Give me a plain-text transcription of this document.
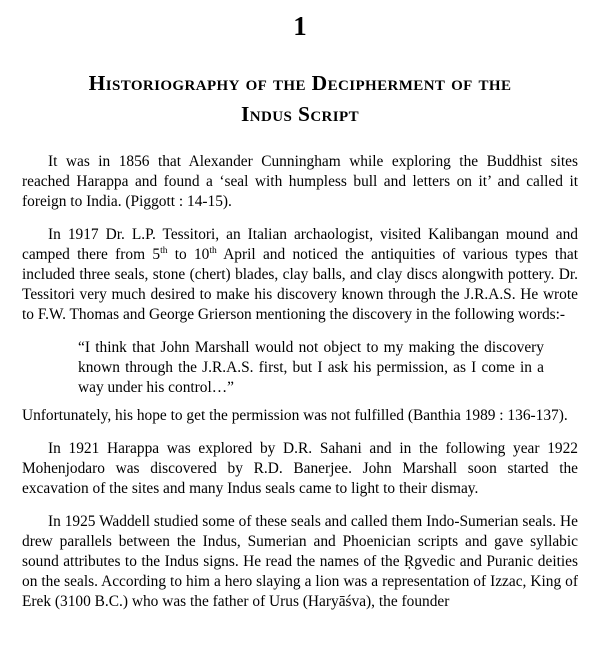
1
Historiography of the Decipherment of the
Indus Script

It was in 1856 that Alexander Cunningham while exploring the Buddhist sites reached Harappa and found a ‘seal with humpless bull and letters on it’ and called it foreign to India. (Piggott : 14-15).

In 1917 Dr. L.P. Tessitori, an Italian archaologist, visited Kalibangan mound and camped there from 5th to 10th April and noticed the antiquities of various types that included three seals, stone (chert) blades, clay balls, and clay discs alongwith pottery. Dr. Tessitori very much desired to make his discovery known through the J.R.A.S. He wrote to F.W. Thomas and George Grierson mentioning the discovery in the following words:-

“I think that John Marshall would not object to my making the discovery known through the J.R.A.S. first, but I ask his permission, as I come in a way under his control…”

Unfortunately, his hope to get the permission was not fulfilled (Banthia 1989 : 136-137).

In 1921 Harappa was explored by D.R. Sahani and in the following year 1922 Mohenjodaro was discovered by R.D. Banerjee. John Marshall soon started the excavation of the sites and many Indus seals came to light to their dismay.

In 1925 Waddell studied some of these seals and called them Indo-Sumerian seals. He drew parallels between the Indus, Sumerian and Phoenician scripts and gave syllabic sound attributes to the Indus signs. He read the names of the Ṛgvedic and Puranic deities on the seals. According to him a hero slaying a lion was a representation of Izzac, King of Erek (3100 B.C.) who was the father of Urus (Haryāśva), the founder
